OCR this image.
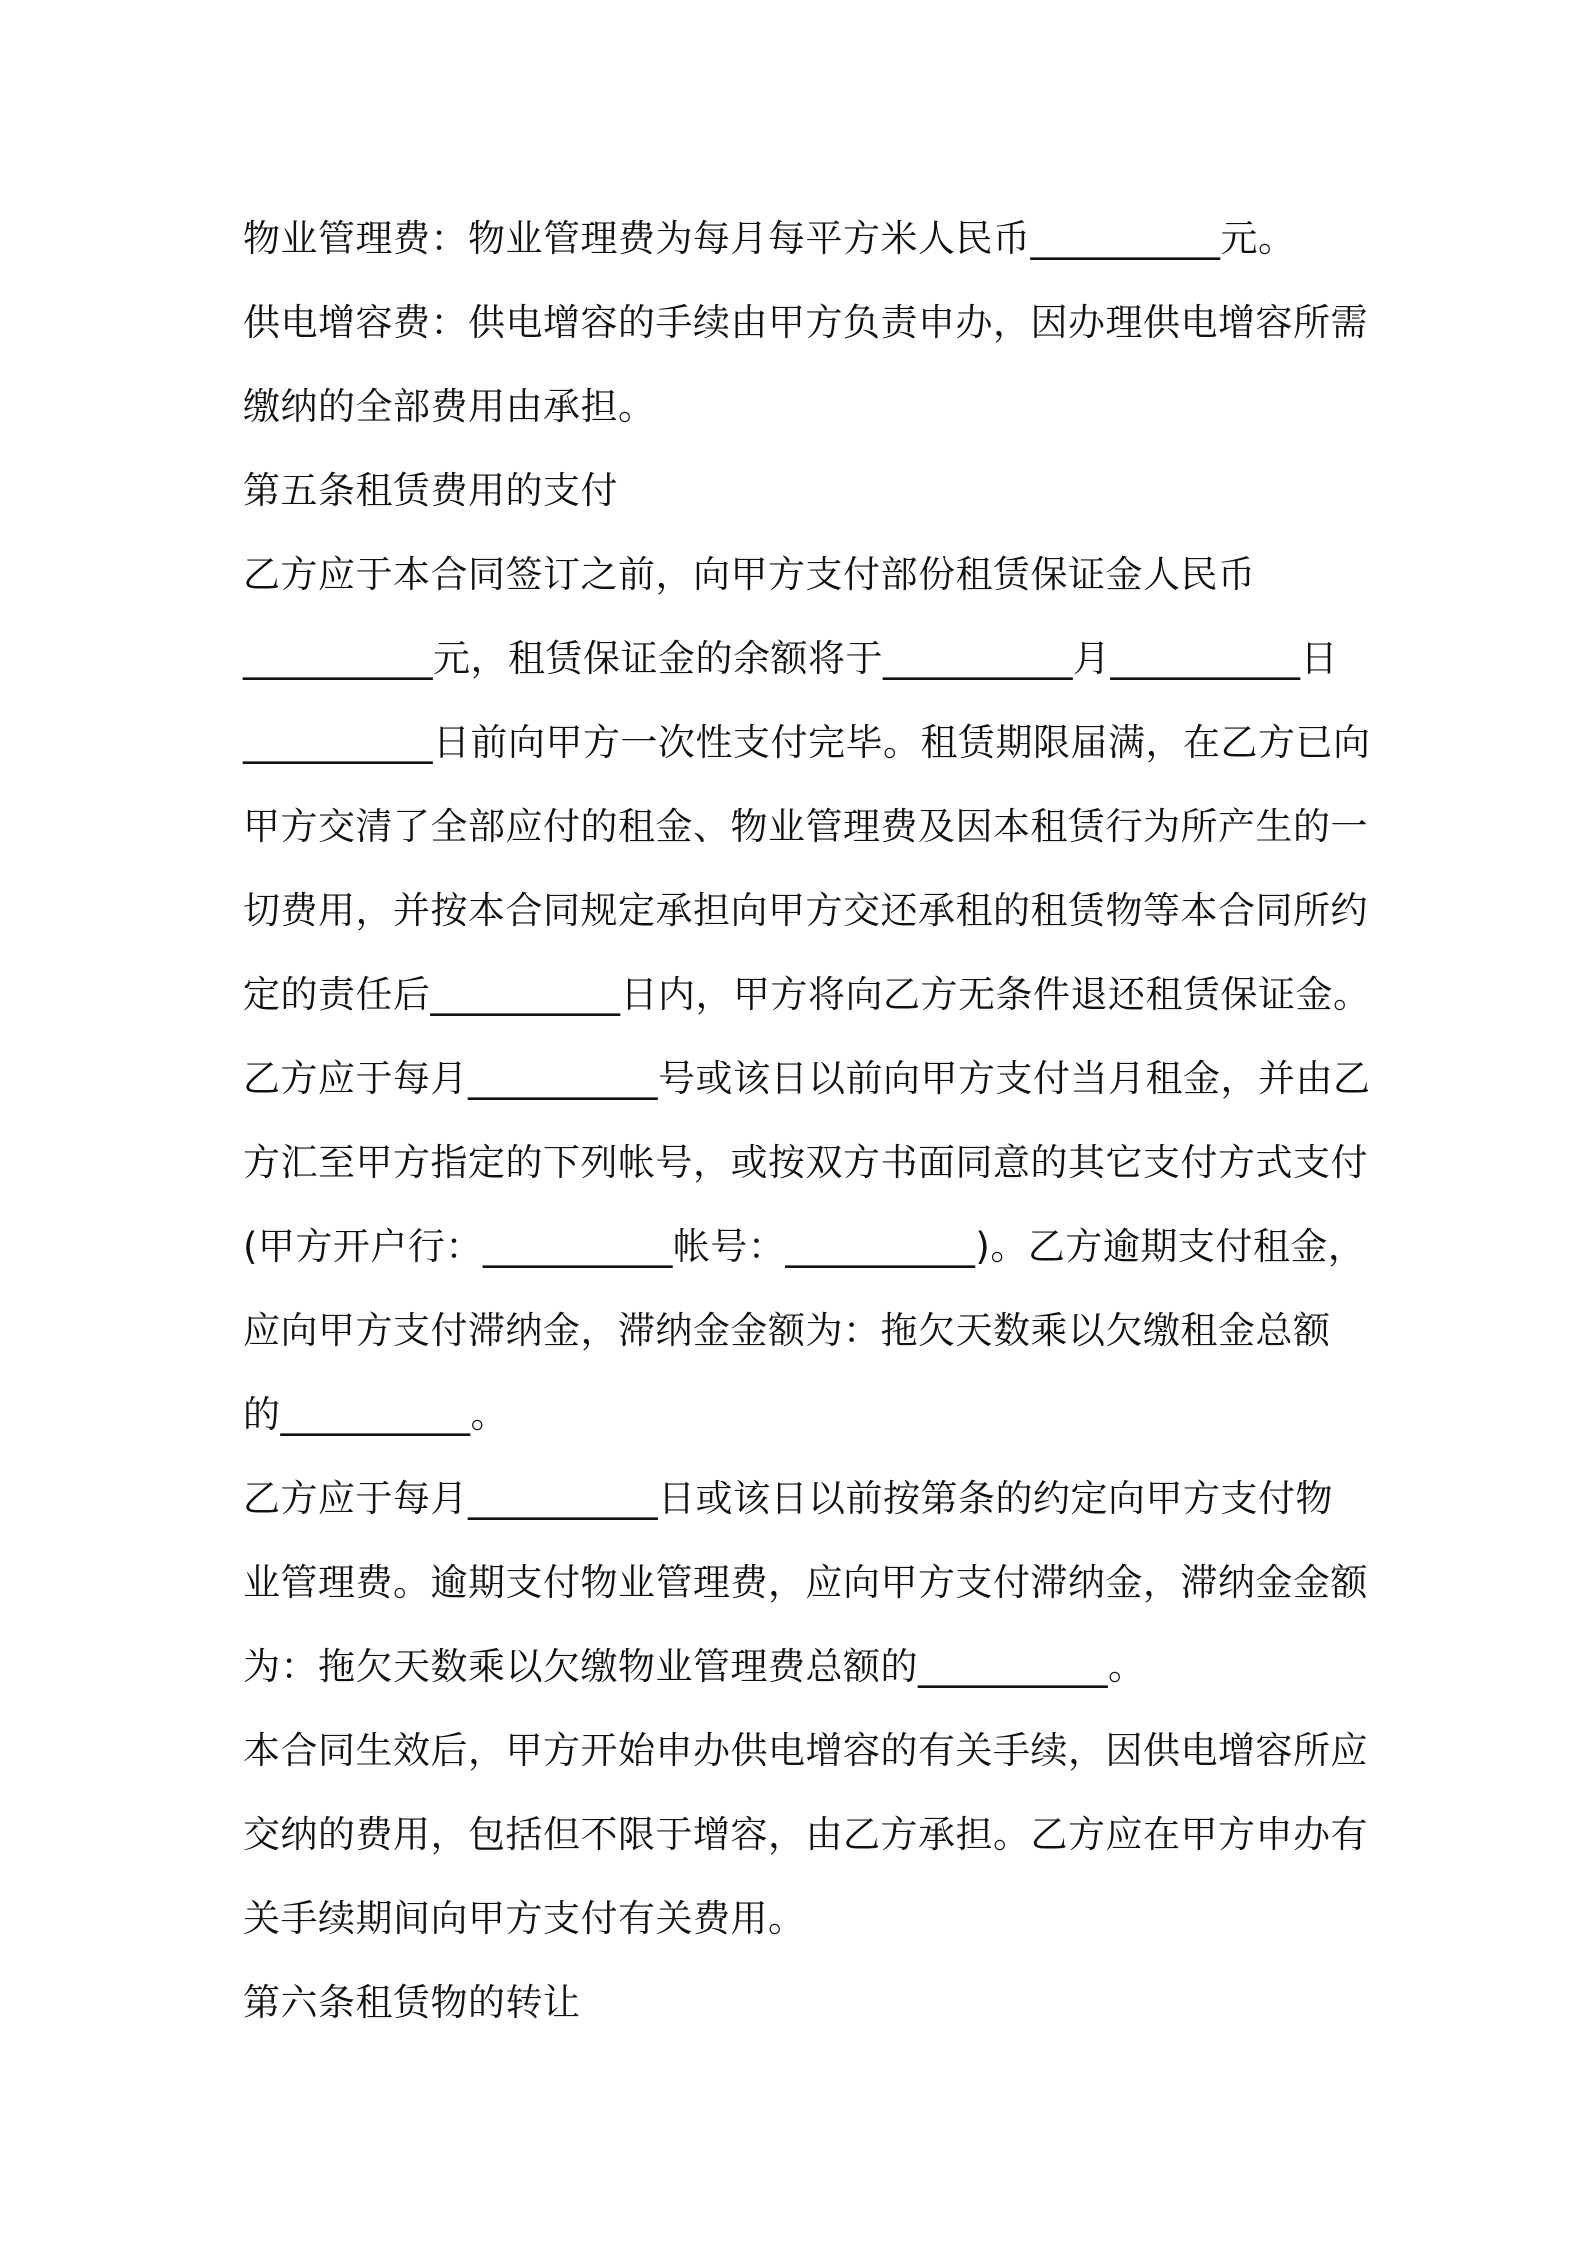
物业管理费：物业管理费为每月每平方米人民币__________元。
供电增容费：供电增容的手续由甲方负责申办，因办理供电增容所需
缴纳的全部费用由承担。
第五条租赁费用的支付
乙方应于本合同签订之前，向甲方支付部份租赁保证金人民币
__________元，租赁保证金的余额将于__________月__________日
__________日前向甲方一次性支付完毕。租赁期限届满，在乙方已向
甲方交清了全部应付的租金、物业管理费及因本租赁行为所产生的一
切费用，并按本合同规定承担向甲方交还承租的租赁物等本合同所约
定的责任后__________日内，甲方将向乙方无条件退还租赁保证金。
乙方应于每月__________号或该日以前向甲方支付当月租金，并由乙
方汇至甲方指定的下列帐号，或按双方书面同意的其它支付方式支付
(甲方开户行：__________帐号：__________)。乙方逾期支付租金，
应向甲方支付滞纳金，滞纳金金额为：拖欠天数乘以欠缴租金总额
的__________。
乙方应于每月__________日或该日以前按第条的约定向甲方支付物
业管理费。逾期支付物业管理费，应向甲方支付滞纳金，滞纳金金额
为：拖欠天数乘以欠缴物业管理费总额的__________。
本合同生效后，甲方开始申办供电增容的有关手续，因供电增容所应
交纳的费用，包括但不限于增容，由乙方承担。乙方应在甲方申办有
关手续期间向甲方支付有关费用。
第六条租赁物的转让
